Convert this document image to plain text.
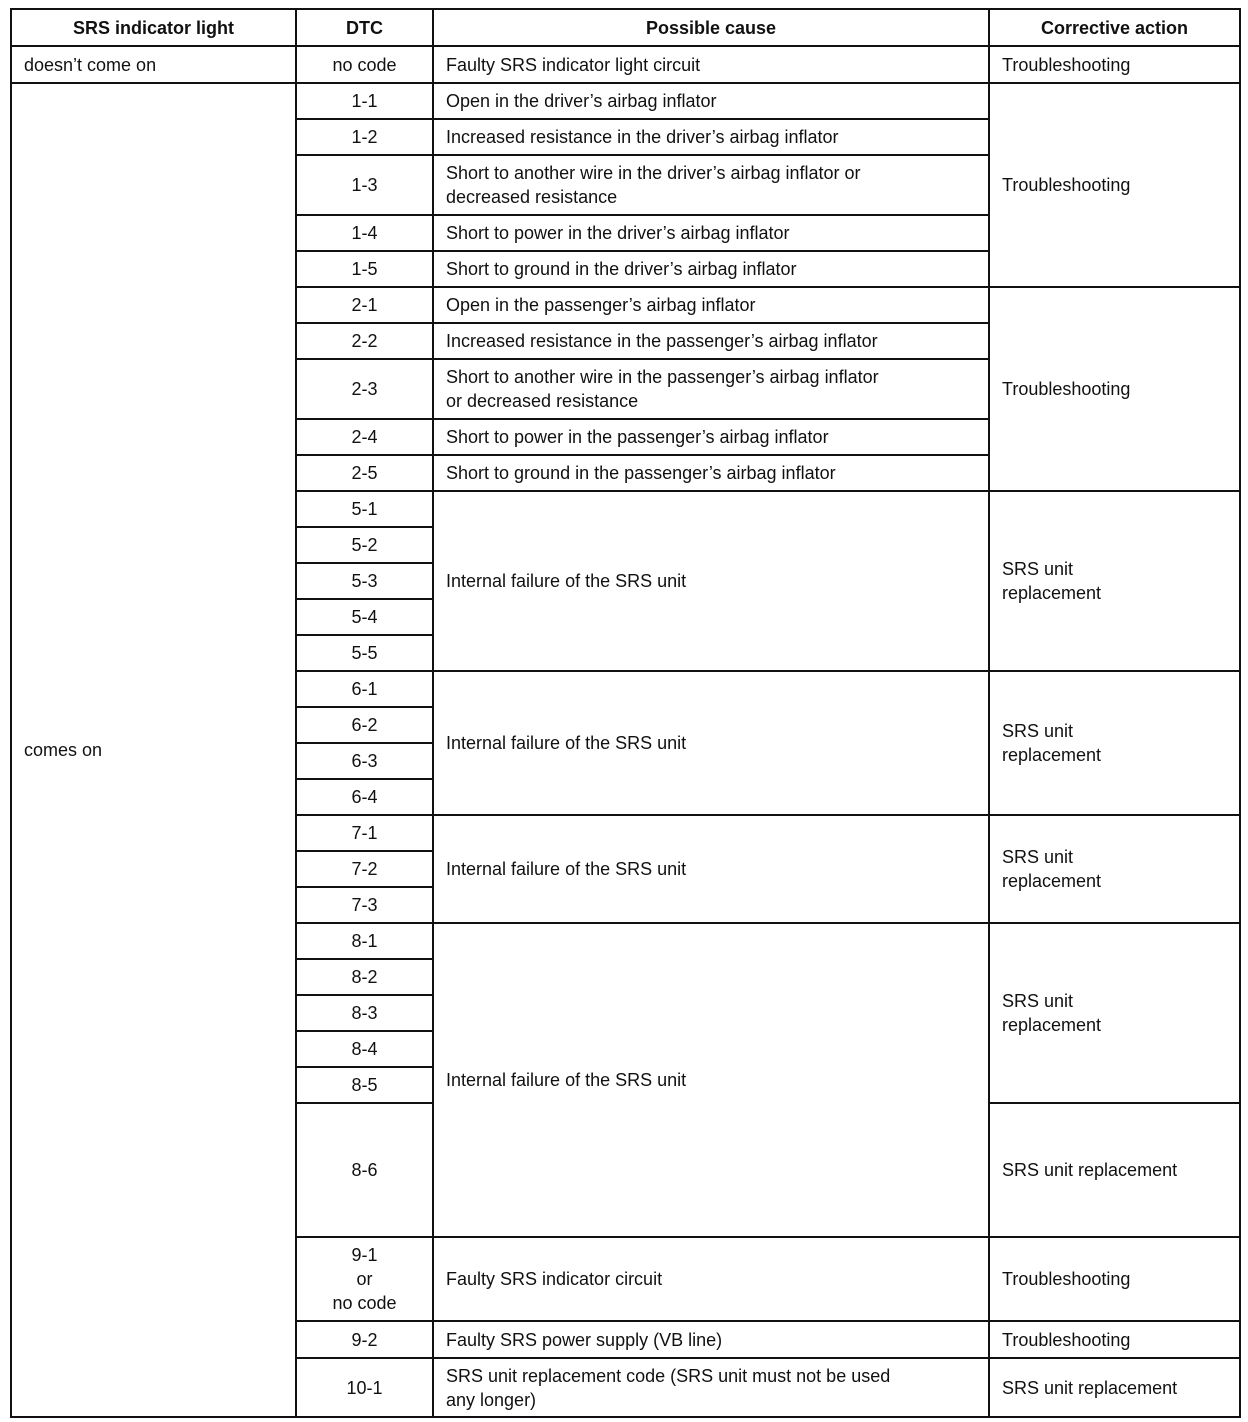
SRS indicator light	DTC	Possible cause	Corrective action
doesn’t come on	no code	Faulty SRS indicator light circuit	Troubleshooting
comes on	1-1	Open in the driver’s airbag inflator	Troubleshooting
	1-2	Increased resistance in the driver’s airbag inflator	
	1-3	Short to another wire in the driver’s airbag inflator or
decreased resistance	
	1-4	Short to power in the driver’s airbag inflator	
	1-5	Short to ground in the driver’s airbag inflator	
	2-1	Open in the passenger’s airbag inflator	Troubleshooting
	2-2	Increased resistance in the passenger’s airbag inflator	
	2-3	Short to another wire in the passenger’s airbag inflator
or decreased resistance	
	2-4	Short to power in the passenger’s airbag inflator	
	2-5	Short to ground in the passenger’s airbag inflator	
	5-1	Internal failure of the SRS unit	SRS unit
replacement
	5-2		
	5-3		
	5-4		
	5-5		
	6-1	Internal failure of the SRS unit	SRS unit
replacement
	6-2		
	6-3		
	6-4		
	7-1	Internal failure of the SRS unit	SRS unit
replacement
	7-2		
	7-3		
	8-1	Internal failure of the SRS unit	SRS unit
replacement
	8-2		
	8-3		
	8-4		
	8-5		
	8-6		SRS unit replacement
	9-1
or
no code	Faulty SRS indicator circuit	Troubleshooting
	9-2	Faulty SRS power supply (VB line)	Troubleshooting
	10-1	SRS unit replacement code (SRS unit must not be used
any longer)	SRS unit replacement
